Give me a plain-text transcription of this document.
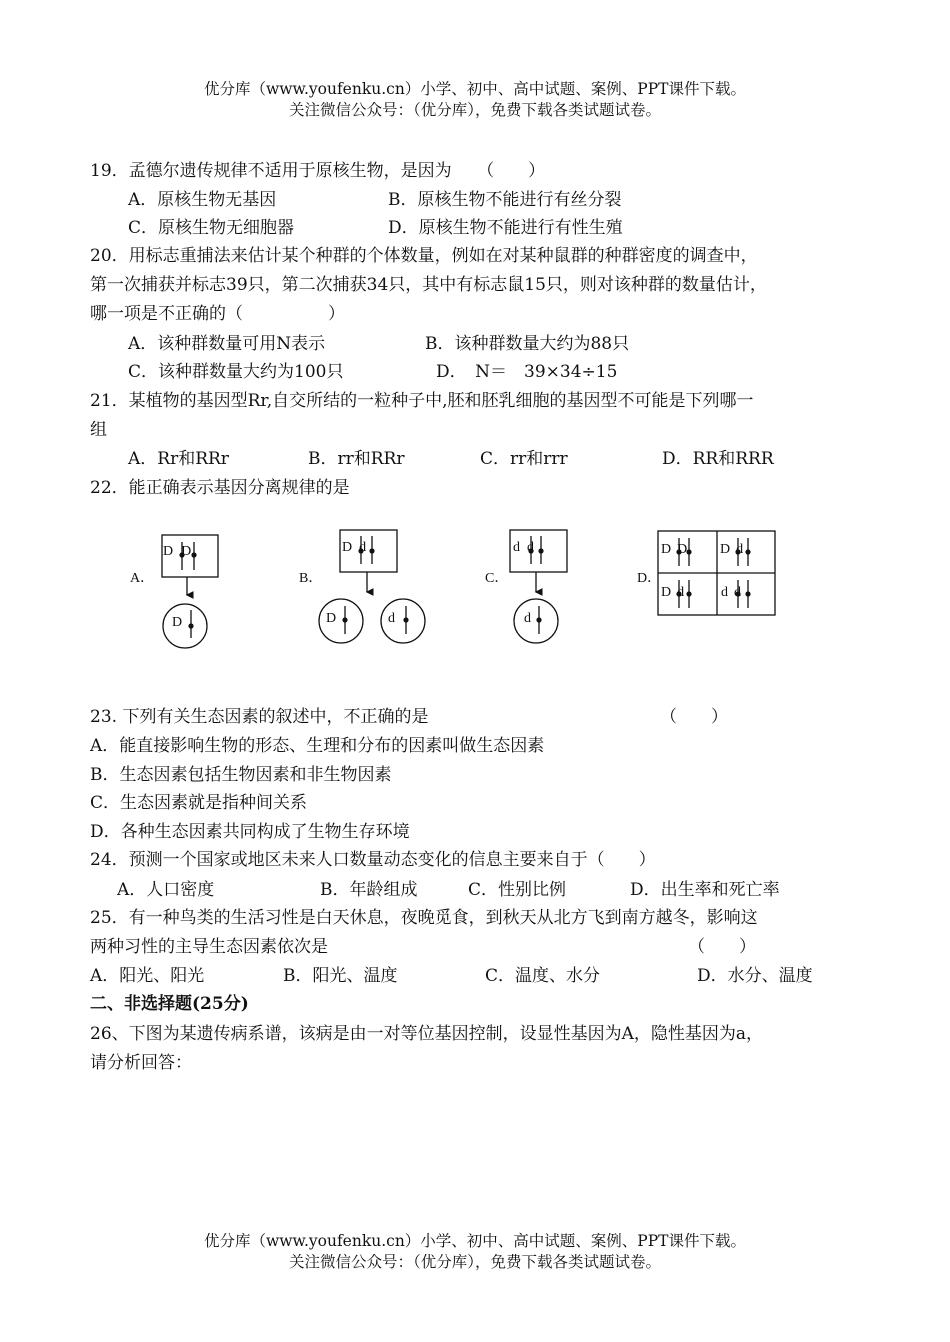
优分库（www.youfenku.cn）小学、初中、高中试题、案例、PPT课件下载。
关注微信公众号：（优分库），免费下载各类试题试卷。
19．孟德尔遗传规律不适用于原核生物，是因为　　（　　）
A．原核生物无基因	B．原核生物不能进行有丝分裂
C．原核生物无细胞器	D．原核生物不能进行有性生殖
20．用标志重捕法来估计某个种群的个体数量，例如在对某种鼠群的种群密度的调查中，
第一次捕获并标志39只，第二次捕获34只，其中有标志鼠15只，则对该种群的数量估计，
哪一项是不正确的（　　　　　）
A．该种群数量可用N表示	B．该种群数量大约为88只
C．该种群数量大约为100只	D．　N＝　39×34÷15
21．某植物的基因型Rr,自交所结的一粒种子中,胚和胚乳细胞的基因型不可能是下列哪一
组
A．Rr和RRr	B．rr和RRr	C．rr和rrr	D．RR和RRR
22．能正确表示基因分离规律的是
A．	B．	C．	D．
DD
D
Dd
D	d
dd
d
DD Dd
Dd dd
23. 下列有关生态因素的叙述中，不正确的是	（　　）
A．能直接影响生物的形态、生理和分布的因素叫做生态因素
B．生态因素包括生物因素和非生物因素
C．生态因素就是指种间关系
D．各种生态因素共同构成了生物生存环境
24．预测一个国家或地区未来人口数量动态变化的信息主要来自于（　　）
A．人口密度	B．年龄组成	C．性别比例	D．出生率和死亡率
25．有一种鸟类的生活习性是白天休息，夜晚觅食，到秋天从北方飞到南方越冬，影响这
两种习性的主导生态因素依次是	（　　）
A．阳光、阳光	B．阳光、温度	C．温度、水分	D．水分、温度
二、非选择题(25分)
26、下图为某遗传病系谱，该病是由一对等位基因控制，设显性基因为A，隐性基因为a，
请分析回答：
优分库（www.youfenku.cn）小学、初中、高中试题、案例、PPT课件下载。
关注微信公众号：（优分库），免费下载各类试题试卷。
